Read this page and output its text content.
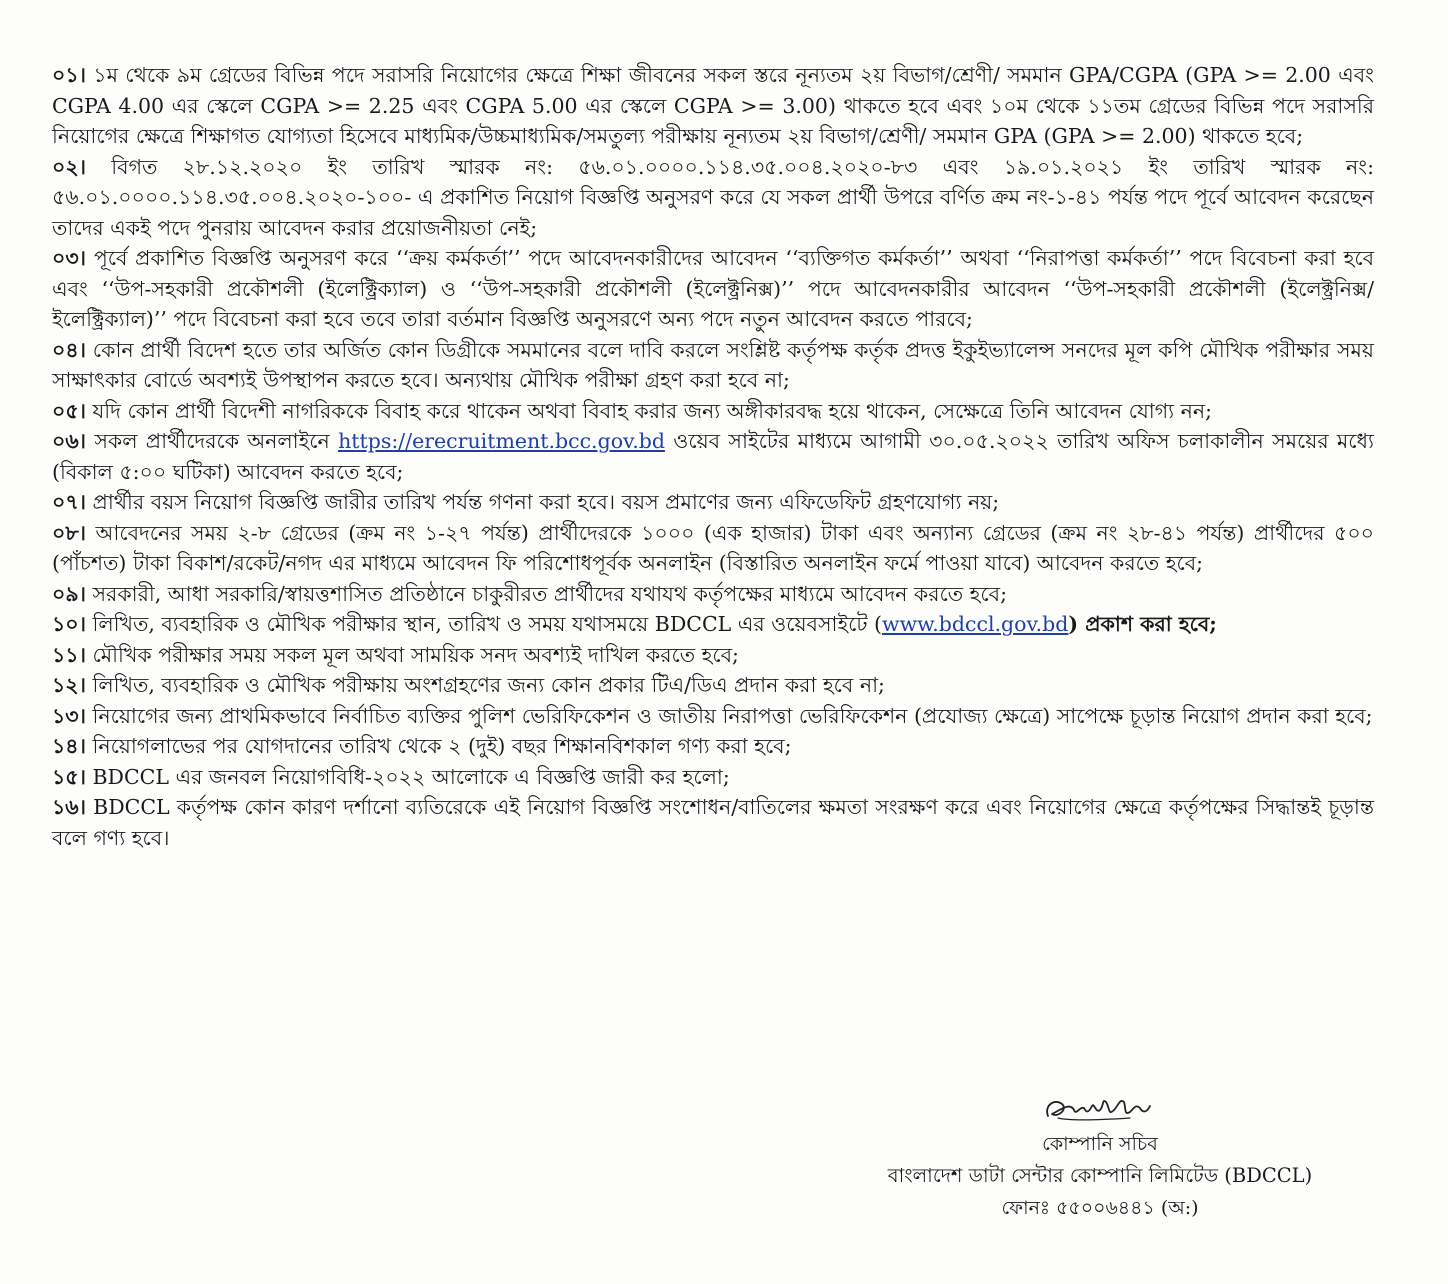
০১। ১ম থেকে ৯ম গ্রেডের বিভিন্ন পদে সরাসরি নিয়োগের ক্ষেত্রে শিক্ষা জীবনের সকল স্তরে নূন্যতম ২য় বিভাগ/শ্রেণী/ সমমান GPA/CGPA (GPA >= 2.00 এবং CGPA 4.00 এর স্কেলে CGPA >= 2.25 এবং CGPA 5.00 এর স্কেলে CGPA >= 3.00) থাকতে হবে এবং ১০ম থেকে ১১তম গ্রেডের বিভিন্ন পদে সরাসরি নিয়োগের ক্ষেত্রে শিক্ষাগত যোগ্যতা হিসেবে মাধ্যমিক/উচ্চমাধ্যমিক/সমতুল্য পরীক্ষায় নূন্যতম ২য় বিভাগ/শ্রেণী/ সমমান GPA (GPA >= 2.00) থাকতে হবে;

০২। বিগত ২৮.১২.২০২০ ইং তারিখ স্মারক নং: ৫৬.০১.০০০০.১১৪.৩৫.০০৪.২০২০-৮৩ এবং ১৯.০১.২০২১ ইং তারিখ স্মারক নং: ৫৬.০১.০০০০.১১৪.৩৫.০০৪.২০২০-১০০- এ প্রকাশিত নিয়োগ বিজ্ঞপ্তি অনুসরণ করে যে সকল প্রার্থী উপরে বর্ণিত ক্রম নং-১-৪১ পর্যন্ত পদে পূর্বে আবেদন করেছেন তাদের একই পদে পুনরায় আবেদন করার প্রয়োজনীয়তা নেই;

০৩। পূর্বে প্রকাশিত বিজ্ঞপ্তি অনুসরণ করে ‘‘ক্রয় কর্মকর্তা’’ পদে আবেদনকারীদের আবেদন ‘‘ব্যক্তিগত কর্মকর্তা’’ অথবা ‘‘নিরাপত্তা কর্মকর্তা’’ পদে বিবেচনা করা হবে এবং ‘‘উপ-সহকারী প্রকৌশলী (ইলেক্ট্রিক্যাল) ও ‘‘উপ-সহকারী প্রকৌশলী (ইলেক্ট্রনিক্স)’’ পদে আবেদনকারীর আবেদন ‘‘উপ-সহকারী প্রকৌশলী (ইলেক্ট্রনিক্স/ইলেক্ট্রিক্যাল)’’ পদে বিবেচনা করা হবে তবে তারা বর্তমান বিজ্ঞপ্তি অনুসরণে অন্য পদে নতুন আবেদন করতে পারবে;

০৪। কোন প্রার্থী বিদেশ হতে তার অর্জিত কোন ডিগ্রীকে সমমানের বলে দাবি করলে সংশ্লিষ্ট কর্তৃপক্ষ কর্তৃক প্রদত্ত ইকুইভ্যালেন্স সনদের মূল কপি মৌখিক পরীক্ষার সময় সাক্ষাৎকার বোর্ডে অবশ্যই উপস্থাপন করতে হবে। অন্যথায় মৌখিক পরীক্ষা গ্রহণ করা হবে না;

০৫। যদি কোন প্রার্থী বিদেশী নাগরিককে বিবাহ করে থাকেন অথবা বিবাহ করার জন্য অঙ্গীকারবদ্ধ হয়ে থাকেন, সেক্ষেত্রে তিনি আবেদন যোগ্য নন;

০৬। সকল প্রার্থীদেরকে অনলাইনে https://erecruitment.bcc.gov.bd ওয়েব সাইটের মাধ্যমে আগামী ৩০.০৫.২০২২ তারিখ অফিস চলাকালীন সময়ের মধ্যে (বিকাল ৫:০০ ঘটিকা) আবেদন করতে হবে;

০৭। প্রার্থীর বয়স নিয়োগ বিজ্ঞপ্তি জারীর তারিখ পর্যন্ত গণনা করা হবে। বয়স প্রমাণের জন্য এফিডেফিট গ্রহণযোগ্য নয়;

০৮। আবেদনের সময় ২-৮ গ্রেডের (ক্রম নং ১-২৭ পর্যন্ত) প্রার্থীদেরকে ১০০০ (এক হাজার) টাকা এবং অন্যান্য গ্রেডের (ক্রম নং ২৮-৪১ পর্যন্ত) প্রার্থীদের ৫০০ (পাঁচশত) টাকা বিকাশ/রকেট/নগদ এর মাধ্যমে আবেদন ফি পরিশোধপূর্বক অনলাইন (বিস্তারিত অনলাইন ফর্মে পাওয়া যাবে) আবেদন করতে হবে;

০৯। সরকারী, আধা সরকারি/স্বায়ত্তশাসিত প্রতিষ্ঠানে চাকুরীরত প্রার্থীদের যথাযথ কর্তৃপক্ষের মাধ্যমে আবেদন করতে হবে;

১০। লিখিত, ব্যবহারিক ও মৌখিক পরীক্ষার স্থান, তারিখ ও সময় যথাসময়ে BDCCL এর ওয়েবসাইটে (www.bdccl.gov.bd) প্রকাশ করা হবে;

১১। মৌখিক পরীক্ষার সময় সকল মূল অথবা সাময়িক সনদ অবশ্যই দাখিল করতে হবে;

১২। লিখিত, ব্যবহারিক ও মৌখিক পরীক্ষায় অংশগ্রহণের জন্য কোন প্রকার টিএ/ডিএ প্রদান করা হবে না;

১৩। নিয়োগের জন্য প্রাথমিকভাবে নির্বাচিত ব্যক্তির পুলিশ ভেরিফিকেশন ও জাতীয় নিরাপত্তা ভেরিফিকেশন (প্রযোজ্য ক্ষেত্রে) সাপেক্ষে চূড়ান্ত নিয়োগ প্রদান করা হবে;

১৪। নিয়োগলাভের পর যোগদানের তারিখ থেকে ২ (দুই) বছর শিক্ষানবিশকাল গণ্য করা হবে;

১৫। BDCCL এর জনবল নিয়োগবিধি-২০২২ আলোকে এ বিজ্ঞপ্তি জারী কর হলো;

১৬। BDCCL কর্তৃপক্ষ কোন কারণ দর্শানো ব্যতিরেকে এই নিয়োগ বিজ্ঞপ্তি সংশোধন/বাতিলের ক্ষমতা সংরক্ষণ করে এবং নিয়োগের ক্ষেত্রে কর্তৃপক্ষের সিদ্ধান্তই চূড়ান্ত বলে গণ্য হবে।

কোম্পানি সচিব

বাংলাদেশ ডাটা সেন্টার কোম্পানি লিমিটেড (BDCCL)

ফোনঃ ৫৫০০৬৪৪১ (অ:)
